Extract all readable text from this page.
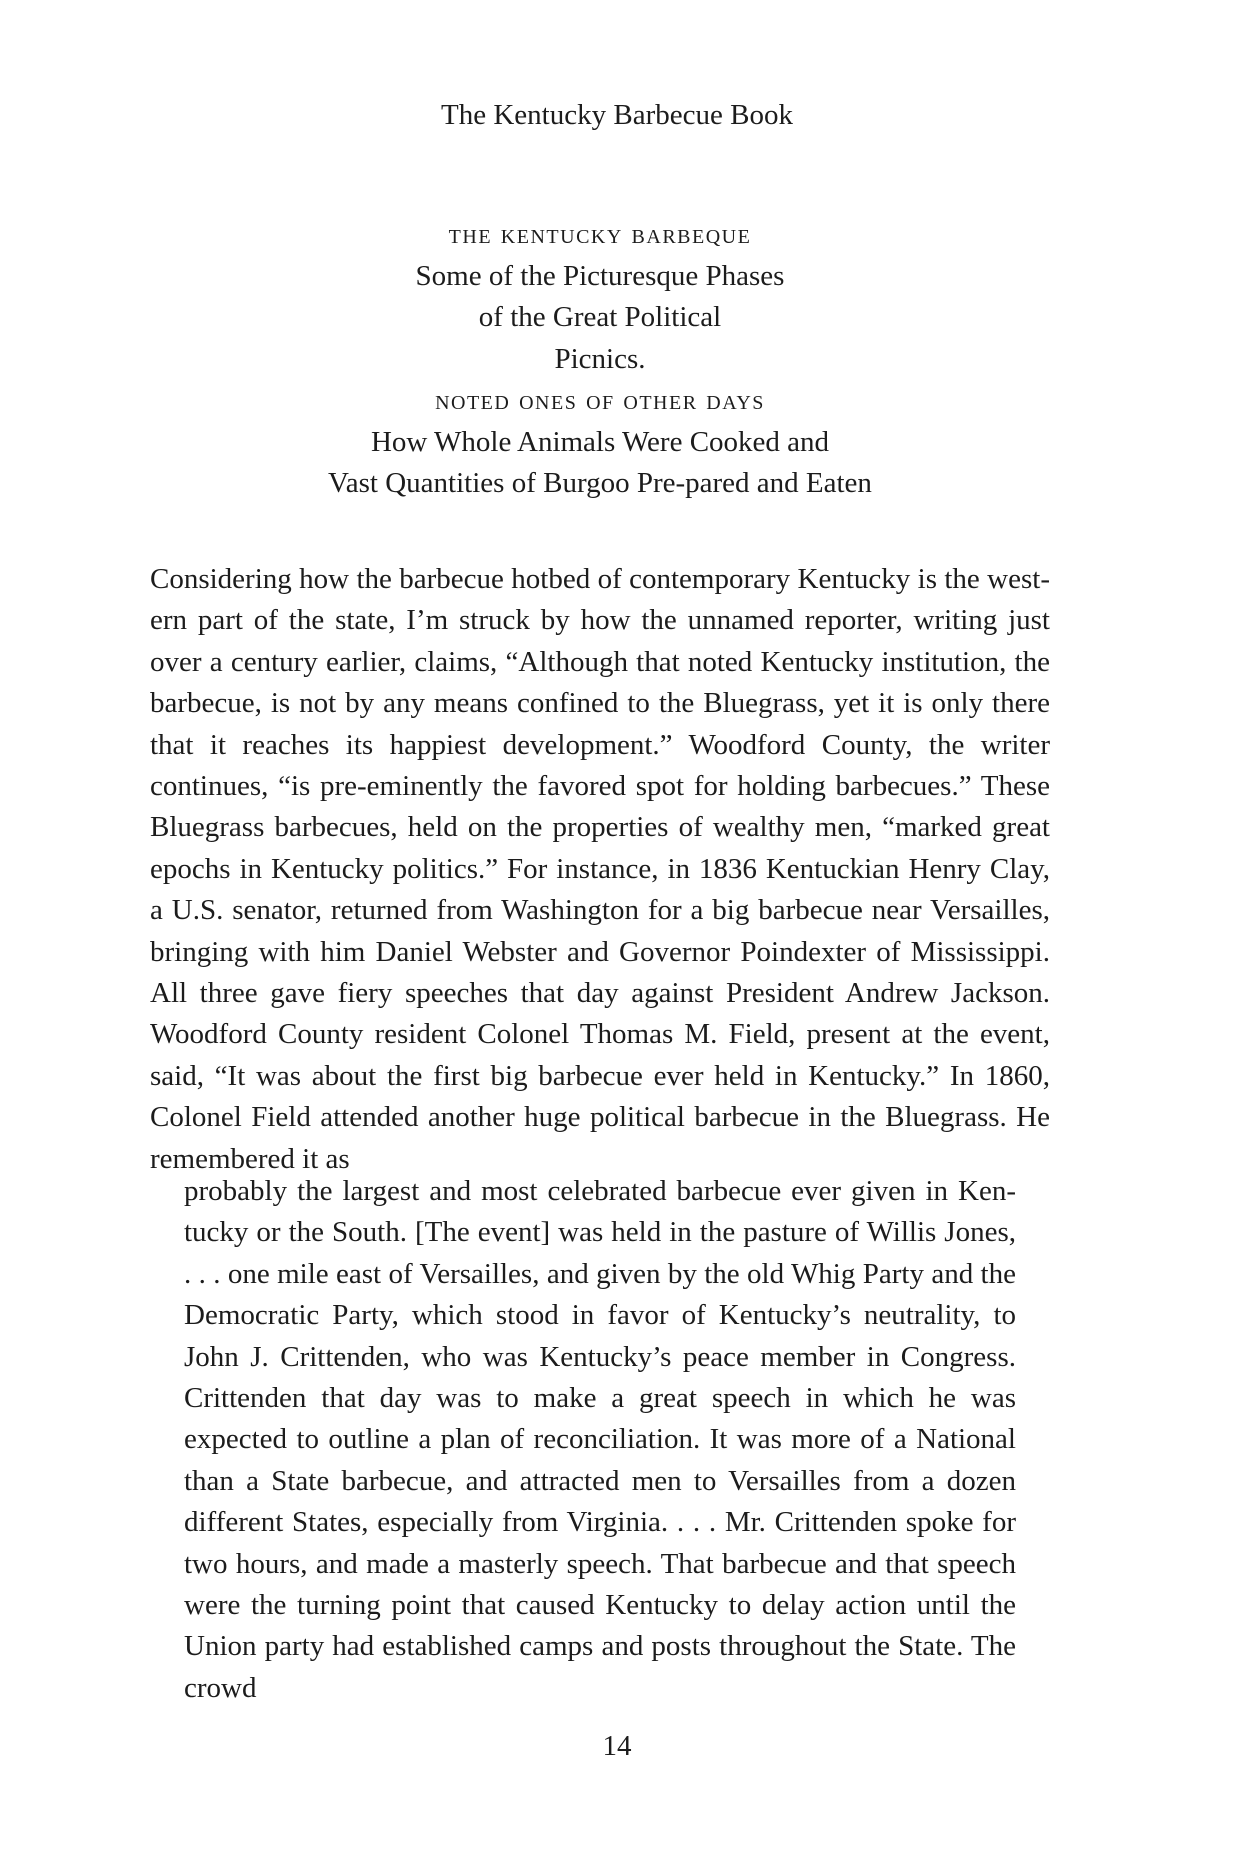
The Kentucky Barbecue Book
the kentucky barbeque
Some of the Picturesque Phases
of the Great Political
Picnics.
noted ones of other days
How Whole Animals Were Cooked and
Vast Quantities of Burgoo Pre-pared and Eaten

Considering how the barbecue hotbed of contemporary Kentucky is the western part of the state, I’m struck by how the unnamed reporter, writing just over a century earlier, claims, “Although that noted Kentucky institution, the barbecue, is not by any means confined to the Bluegrass, yet it is only there that it reaches its happiest development.” Woodford County, the writer continues, “is pre-eminently the favored spot for holding barbecues.” These Bluegrass barbecues, held on the properties of wealthy men, “marked great epochs in Kentucky politics.” For instance, in 1836 Kentuckian Henry Clay, a U.S. senator, returned from Washington for a big barbecue near Versailles, bringing with him Daniel Webster and Governor Poindexter of Mississippi. All three gave fiery speeches that day against President Andrew Jackson. Woodford County resident Colonel Thomas M. Field, present at the event, said, “It was about the first big barbecue ever held in Kentucky.” In 1860, Colonel Field attended another huge political barbecue in the Bluegrass. He remembered it as

probably the largest and most celebrated barbecue ever given in Kentucky or the South. [The event] was held in the pasture of Willis Jones, . . . one mile east of Versailles, and given by the old Whig Party and the Democratic Party, which stood in favor of Kentucky’s neutrality, to John J. Crittenden, who was Kentucky’s peace member in Congress. Crittenden that day was to make a great speech in which he was expected to outline a plan of reconciliation. It was more of a National than a State barbecue, and attracted men to Versailles from a dozen different States, especially from Virginia. . . . Mr. Crittenden spoke for two hours, and made a masterly speech. That barbecue and that speech were the turning point that caused Kentucky to delay action until the Union party had established camps and posts throughout the State. The crowd

14
